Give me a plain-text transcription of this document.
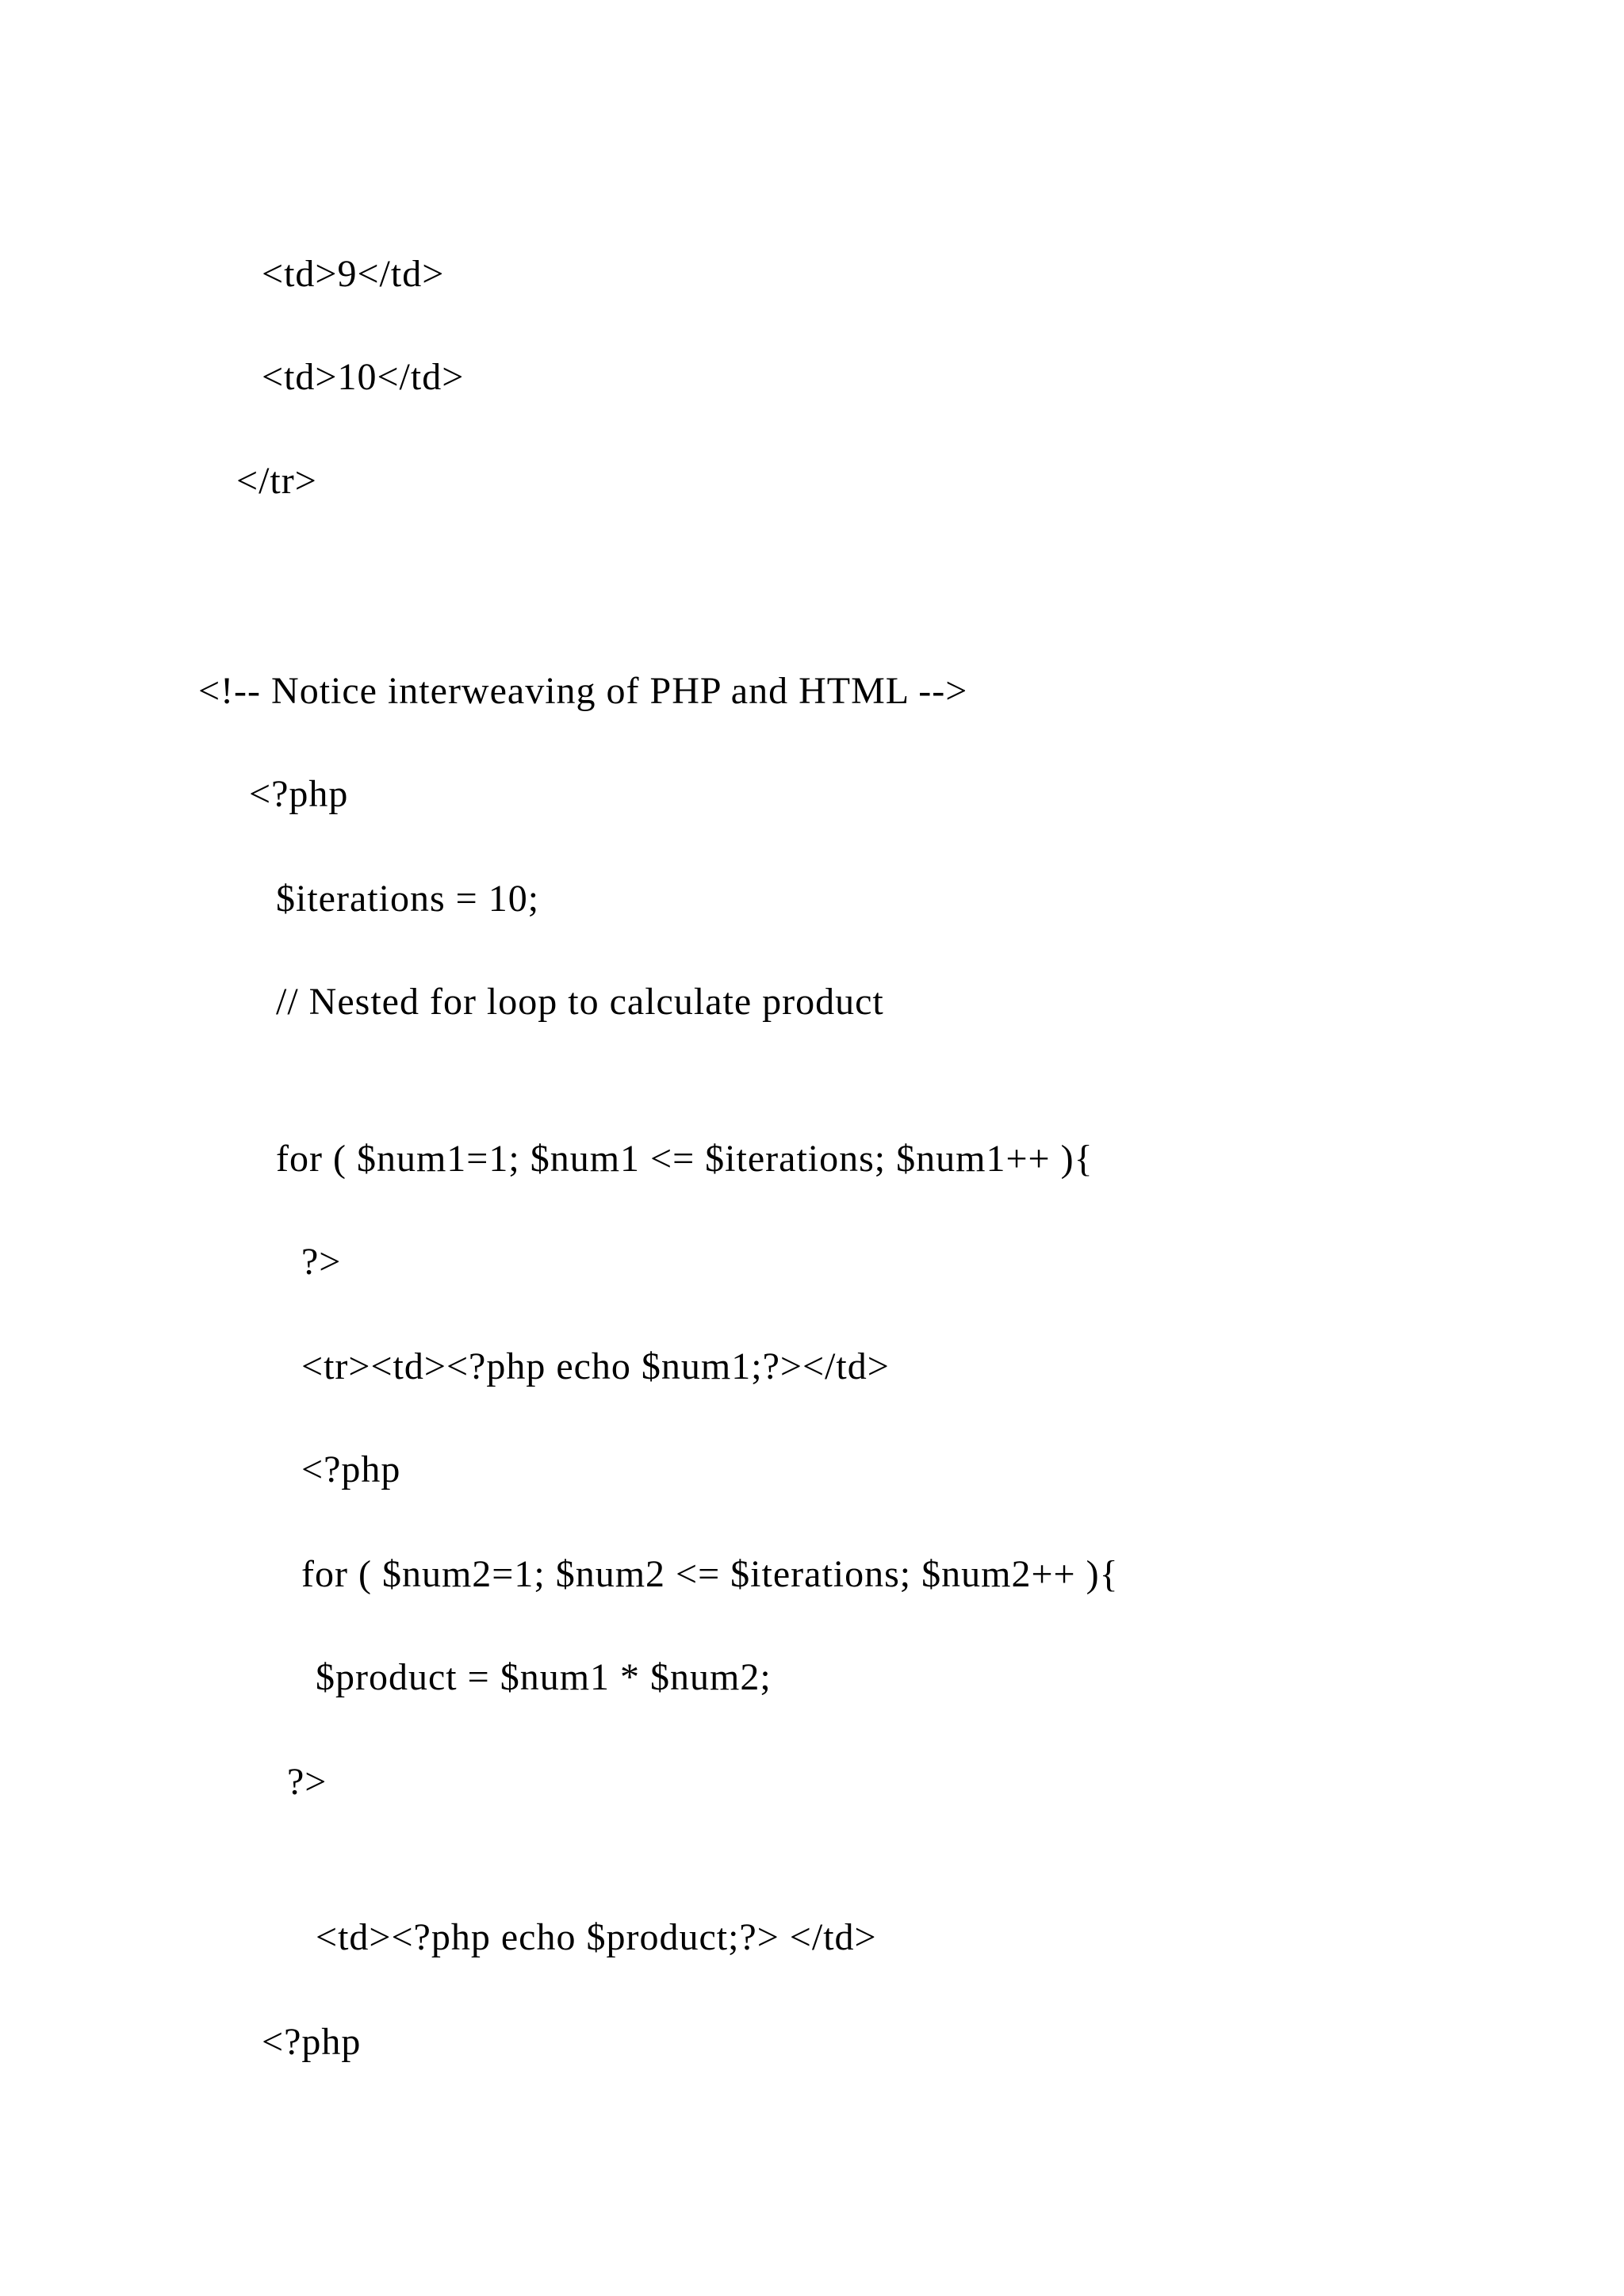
<td>9</td>
<td>10</td>
</tr>
<!-- Notice interweaving of PHP and HTML -->
<?php
$iterations = 10;
// Nested for loop to calculate product
for ( $num1=1; $num1 <= $iterations; $num1++ ){
?>
<tr><td><?php echo $num1;?></td>
<?php
for ( $num2=1; $num2 <= $iterations; $num2++ ){
$product = $num1 * $num2;
?>
<td><?php echo $product;?> </td>
<?php
